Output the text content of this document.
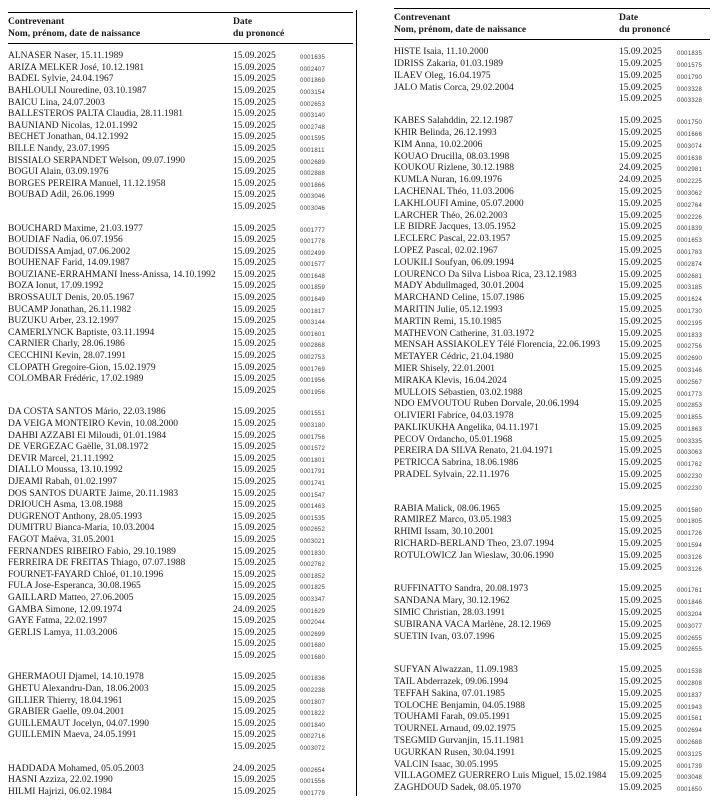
Contrevenant
Nom, prénom, date de naissance
Date
du prononcé
ALNASER Naser, 15.11.1989	15.09.2025	0001635
ARIZA MELKER José, 10.12.1981	15.09.2025	0002407
BADEL Sylvie, 24.04.1967	15.09.2025	0001869
BAHLOULI Nouredine, 03.10.1987	15.09.2025	0003154
BAICU Lina, 24.07.2003	15.09.2025	0002653
BALLESTEROS PALTA Claudia, 28.11.1981	15.09.2025	0003140
BAUNIAND Nicolas, 12.01.1992	15.09.2025	0002748
BECHET Jonathan, 04.12.1992	15.09.2025	0001595
BILLE Nandy, 23.07.1995	15.09.2025	0001811
BISSIALO SERPANDET Welson, 09.07.1990	15.09.2025	0002689
BOGUI Alain, 03.09.1976	15.09.2025	0002888
BORGES PEREIRA Manuel, 11.12.1958	15.09.2025	0001866
BOUBAD Adil, 26.06.1999	15.09.2025	0003046
15.09.2025	0003046
BOUCHARD Maxime, 21.03.1977	15.09.2025	0001777
BOUDIAF Nadia, 06.07.1956	15.09.2025	0001778
BOUDISSA Amjad, 07.06.2002	15.09.2025	0002499
BOUHENAF Farid, 14.09.1987	15.09.2025	0001577
BOUZIANE-ERRAHMANI Iness-Anissa, 14.10.1992 15.09.2025	0001648
BOZA Ionut, 17.09.1992	15.09.2025	0001859
BROSSAULT Denis, 20.05.1967	15.09.2025	0001649
BUCAMP Jonathan, 26.11.1982	15.09.2025	0001817
BUZUKU Arber, 23.12.1997	15.09.2025	0003144
CAMERLYNCK Baptiste, 03.11.1994	15.09.2025	0001601
CARNIER Charly, 28.06.1986	15.09.2025	0002868
CECCHINI Kevin, 28.07.1991	15.09.2025	0002753
CLOPATH Gregoire-Gion, 15.02.1979	15.09.2025	0001769
COLOMBAR Frédéric, 17.02.1989	15.09.2025	0001956
15.09.2025	0001956
DA COSTA SANTOS Mário, 22.03.1986	15.09.2025	0001551
DA VEIGA MONTEIRO Kevin, 10.08.2000	15.09.2025	0003180
DAHBI AZZABI El Miloudi, 01.01.1984	15.09.2025	0001756
DE VERGEZAC Gaëlle, 31.08.1972	15.09.2025	0001572
DEVIR Marcel, 21.11.1992	15.09.2025	0001801
DIALLO Moussa, 13.10.1992	15.09.2025	0001791
DJEAMI Rabah, 01.02.1997	15.09.2025	0001741
DOS SANTOS DUARTE Jaime, 20.11.1983	15.09.2025	0001547
DRIOUCH Asma, 13.08.1988	15.09.2025	0001463
DUGRENOT Anthony, 28.05.1993	15.09.2025	0001535
DUMITRU Bianca-Maria, 10.03.2004	15.09.2025	0002652
FAGOT Maëva, 31.05.2001	15.09.2025	0003021
FERNANDES RIBEIRO Fabio, 29.10.1989	15.09.2025	0001830
FERREIRA DE FREITAS Thiago, 07.07.1988	15.09.2025	0002762
FOURNET-FAYARD Chloé, 01.10.1996	15.09.2025	0001852
FULA Jose-Esperanca, 30.08.1965	15.09.2025	0001825
GAILLARD Matteo, 27.06.2005	15.09.2025	0003347
GAMBA Simone, 12.09.1974	24.09.2025	0001629
GAYE Fatma, 22.02.1997	15.09.2025	0002044
GERLIS Lamya, 11.03.2006	15.09.2025	0002699
15.09.2025	0001680
15.09.2025	0001680
GHERMAOUI Djamel, 14.10.1978	15.09.2025	0001836
GHETU Alexandru-Dan, 18.06.2003	15.09.2025	0002238
GILLIER Thierry, 18.04.1961	15.09.2025	0001807
GRABIER Gaelle, 09.04.2001	15.09.2025	0001822
GUILLEMAUT Jocelyn, 04.07.1990	15.09.2025	0001840
GUILLEMIN Maeva, 24.05.1991	15.09.2025	0002716
15.09.2025	0003072
HADDADA Mohamed, 05.05.2003	24.09.2025	0002654
HASNI Azziza, 22.02.1990	15.09.2025	0001556
HILMI Hajrizi, 06.02.1984	15.09.2025	0001779
Contrevenant
Nom, prénom, date de naissance
Date
du prononcé
HISTE Isaia, 11.10.2000	15.09.2025	0001835
IDRISS Zakaria, 01.03.1989	15.09.2025	0001575
ILAEV Oleg, 16.04.1975	15.09.2025	0001790
JALO Matis Corca, 29.02.2004	15.09.2025	0003328
15.09.2025	0003328
KABES Salahddin, 22.12.1987	15.09.2025	0001750
KHIR Belinda, 26.12.1993	15.09.2025	0001666
KIM Anna, 10.02.2006	15.09.2025	0003074
KOUAO Drucilla, 08.03.1998	15.09.2025	0001638
KOUKOU Rizlene, 30.12.1988	24.09.2025	0002981
KUMLA Nuran, 16.09.1976	24.09.2025	0002225
LACHENAL Théo, 11.03.2006	15.09.2025	0003062
LAKHLOUFI Amine, 05.07.2000	15.09.2025	0002764
LARCHER Théo, 26.02.2003	15.09.2025	0002226
LE BIDRE Jacques, 13.05.1952	15.09.2025	0001839
LECLERC Pascal, 22.03.1957	15.09.2025	0001653
LOPEZ Pascal, 02.02.1967	15.09.2025	0001783
LOUKILI Soufyan, 06.09.1994	15.09.2025	0002874
LOURENCO Da Silva Lisboa Rica, 23.12.1983	15.09.2025	0002681
MADY Abdullmaged, 30.01.2004	15.09.2025	0003185
MARCHAND Celine, 15.07.1986	15.09.2025	0001624
MARITIN Julie, 05.12.1993	15.09.2025	0001730
MARTIN Remi, 15.10.1985	15.09.2025	0002195
MATHEVON Catherine, 31.03.1972	15.09.2025	0001833
MENSAH ASSIAKOLEY Télé Florencia, 22.06.1993 15.09.2025	0002756
METAYER Cédric, 21.04.1980	15.09.2025	0002690
MIER Shisely, 22.01.2001	15.09.2025	0003146
MIRAKA Klevis, 16.04.2024	15.09.2025	0002567
MULLOIS Sébastien, 03.02.1988	15.09.2025	0001773
NDO EMVOUTOU Ruben Dorvale, 20.06.1994	15.09.2025	0002853
OLIVIERI Fabrice, 04.03.1978	15.09.2025	0001855
PAKLIKUKHA Angelika, 04.11.1971	15.09.2025	0001863
PECOV Ordancho, 05.01.1968	15.09.2025	0003335
PEREIRA DA SILVA Renato, 21.04.1971	15.09.2025	0003063
PETRICCA Sabrina, 18.06.1986	15.09.2025	0001762
PRADEL Sylvain, 22.11.1976	15.09.2025	0002230
15.09.2025	0002230
RABIA Malick, 08.06.1965	15.09.2025	0001580
RAMIREZ Marco, 03.05.1983	15.09.2025	0001805
RHIMI Issam, 30.10.2001	15.09.2025	0001726
RICHARD-BERLAND Theo, 23.07.1994	15.09.2025	0001594
ROTULOWICZ Jan Wieslaw, 30.06.1990	15.09.2025	0003126
15.09.2025	0003126
RUFFINATTO Sandra, 20.08.1973	15.09.2025	0001761
SANDANA Mary, 30.12.1962	15.09.2025	0001846
SIMIC Christian, 28.03.1991	15.09.2025	0003204
SUBIRANA VACA Marlène, 28.12.1969	15.09.2025	0003077
SUETIN Ivan, 03.07.1996	15.09.2025	0002655
15.09.2025	0002655
SUFYAN Alwazzan, 11.09.1983	15.09.2025	0001538
TAIL Abderrazek, 09.06.1994	15.09.2025	0002808
TEFFAH Sakina, 07.01.1985	15.09.2025	0001837
TOLOCHE Benjamin, 04.05.1988	15.09.2025	0001943
TOUHAMI Farah, 09.05.1991	15.09.2025	0001561
TOURNEL Arnaud, 09.02.1975	15.09.2025	0002694
TSEGMID Gurvanjin, 15.11.1981	15.09.2025	0002688
UGURKAN Rusen, 30.04.1991	15.09.2025	0003125
VALCIN Isaac, 30.05.1995	15.09.2025	0001739
VILLAGOMEZ GUERRERO Luis Miguel, 15.02.1984 15.09.2025	0003048
ZAGHDOUD Sadek, 08.05.1970	15.09.2025	0001650
